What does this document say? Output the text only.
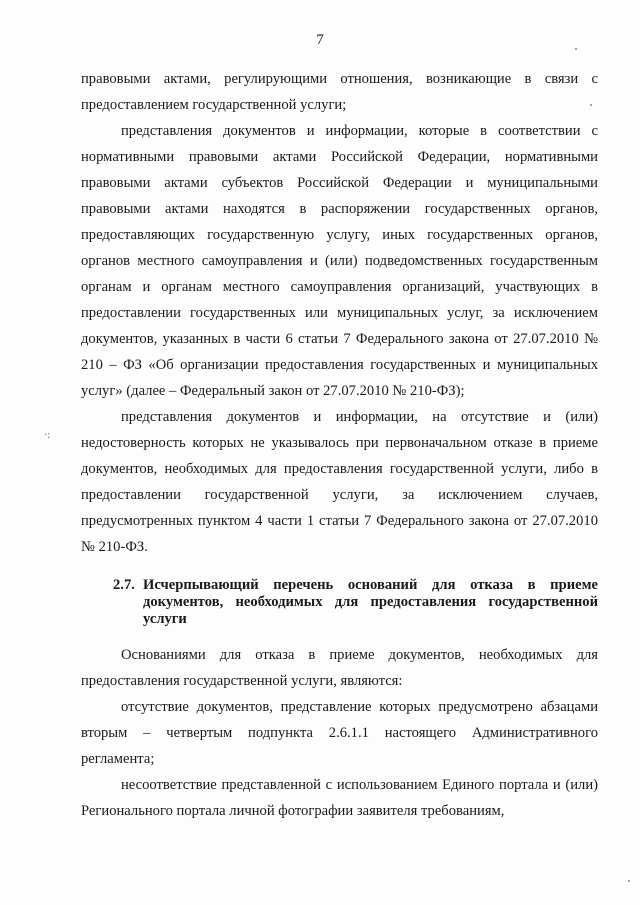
7
·:

правовыми актами, регулирующими отношения, возникающие в связи с предоставлением государственной услуги;

представления документов и информации, которые в соответствии с нормативными правовыми актами Российской Федерации, нормативными правовыми актами субъектов Российской Федерации и муниципальными правовыми актами находятся в распоряжении государственных органов, предоставляющих государственную услугу, иных государственных органов, органов местного самоуправления и (или) подведомственных государственным органам и органам местного самоуправления организаций, участвующих в предоставлении государственных или муниципальных услуг, за исключением документов, указанных в части 6 статьи 7 Федерального закона от 27.07.2010 № 210 – ФЗ «Об организации предоставления государственных и муниципальных услуг» (далее – Федеральный закон от 27.07.2010 № 210-ФЗ);

представления документов и информации, на отсутствие и (или) недостоверность которых не указывалось при первоначальном отказе в приеме документов, необходимых для предоставления государственной услуги, либо в предоставлении государственной услуги, за исключением случаев, предусмотренных пунктом 4 части 1 статьи 7 Федерального закона от 27.07.2010 № 210-ФЗ.

2.7. Исчерпывающий перечень оснований для отказа в приеме документов, необходимых для предоставления государственной услуги

Основаниями для отказа в приеме документов, необходимых для предоставления государственной услуги, являются:

отсутствие документов, представление которых предусмотрено абзацами вторым – четвертым подпункта 2.6.1.1 настоящего Административного регламента;

несоответствие представленной с использованием Единого портала и (или) Регионального портала личной фотографии заявителя требованиям,
